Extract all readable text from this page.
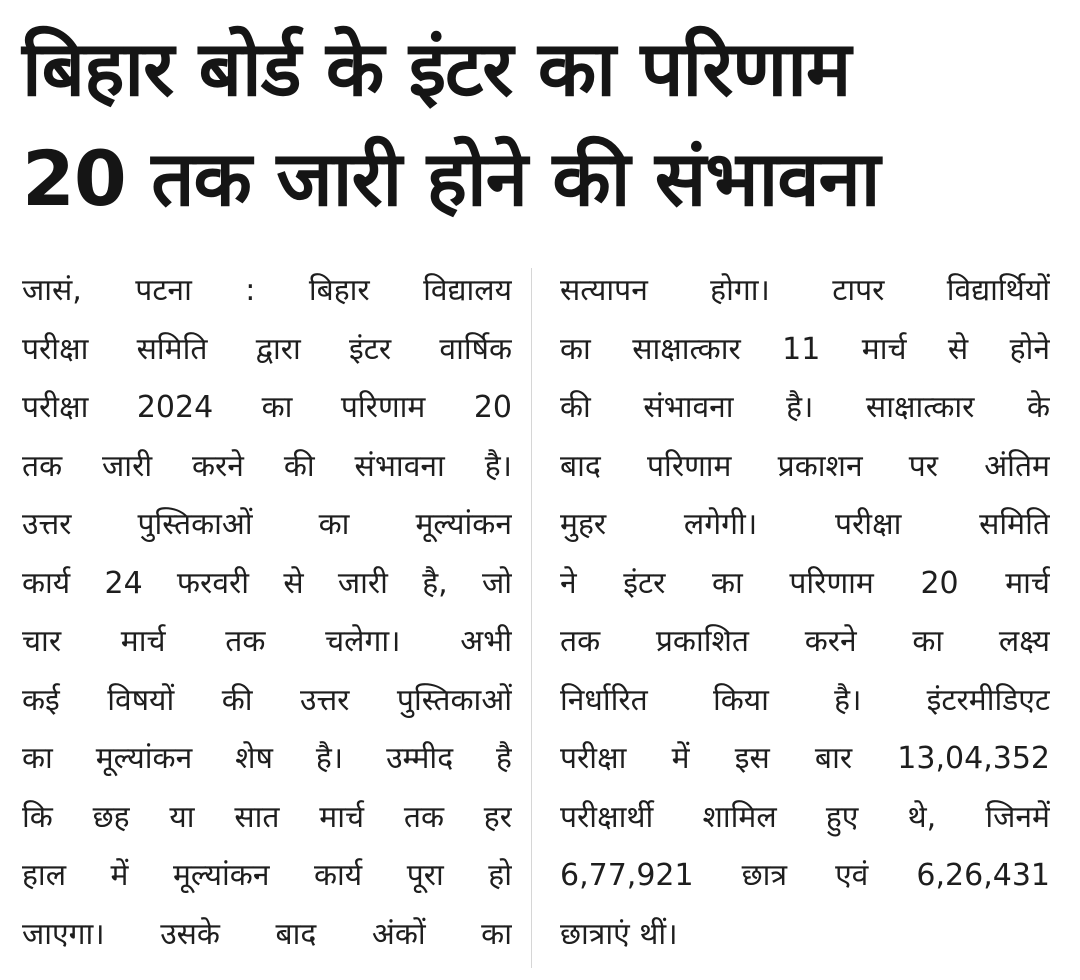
बिहार बोर्ड के इंटर का परिणाम
20 तक जारी होने की संभावना
जासं, पटना : बिहार विद्यालय
परीक्षा समिति द्वारा इंटर वार्षिक
परीक्षा 2024 का परिणाम 20
तक जारी करने की संभावना है।
उत्तर पुस्तिकाओं का मूल्यांकन
कार्य 24 फरवरी से जारी है, जो
चार मार्च तक चलेगा। अभी
कई विषयों की उत्तर पुस्तिकाओं
का मूल्यांकन शेष है। उम्मीद है
कि छह या सात मार्च तक हर
हाल में मूल्यांकन कार्य पूरा हो
जाएगा। उसके बाद अंकों का
सत्यापन होगा। टापर विद्यार्थियों
का साक्षात्कार 11 मार्च से होने
की संभावना है। साक्षात्कार के
बाद परिणाम प्रकाशन पर अंतिम
मुहर लगेगी। परीक्षा समिति
ने इंटर का परिणाम 20 मार्च
तक प्रकाशित करने का लक्ष्य
निर्धारित किया है। इंटरमीडिएट
परीक्षा में इस बार 13,04,352
परीक्षार्थी शामिल हुए थे, जिनमें
6,77,921 छात्र एवं 6,26,431
छात्राएं थीं।
